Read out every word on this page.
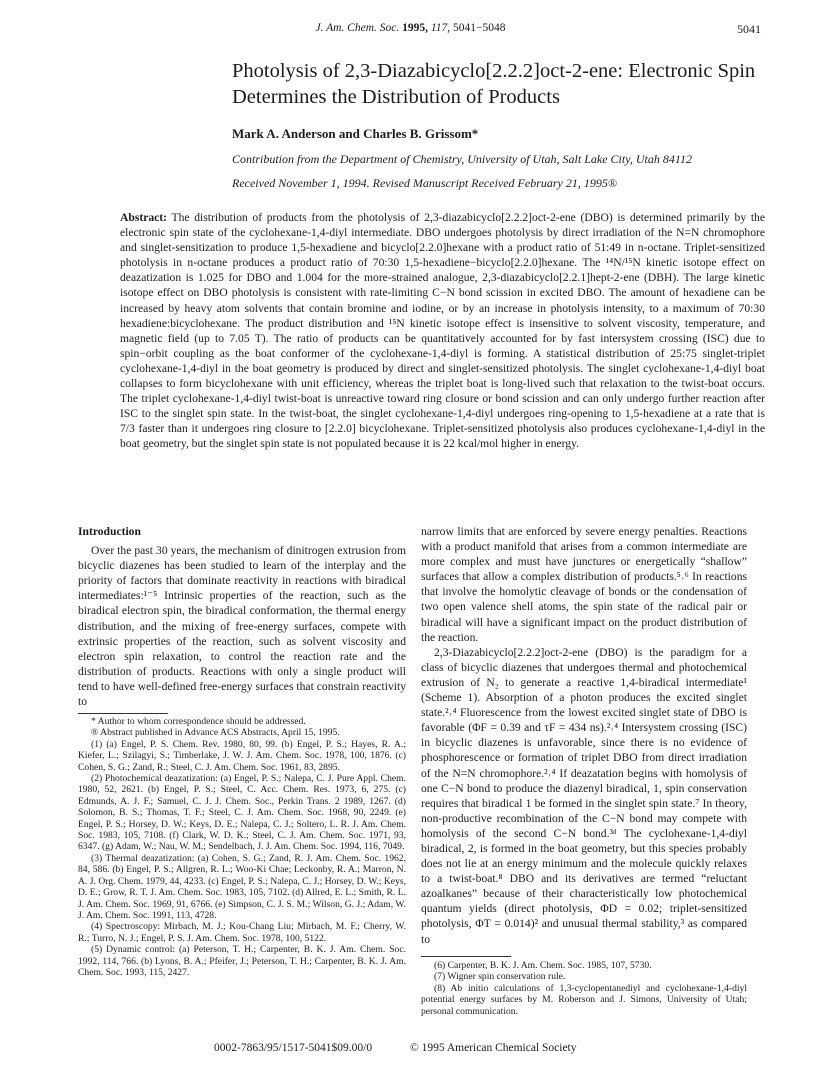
J. Am. Chem. Soc. 1995, 117, 5041−5048	5041
Photolysis of 2,3-Diazabicyclo[2.2.2]oct-2-ene: Electronic Spin Determines the Distribution of Products
Mark A. Anderson and Charles B. Grissom*
Contribution from the Department of Chemistry, University of Utah, Salt Lake City, Utah 84112
Received November 1, 1994. Revised Manuscript Received February 21, 1995®

Abstract: The distribution of products from the photolysis of 2,3-diazabicyclo[2.2.2]oct-2-ene (DBO) is determined primarily by the electronic spin state of the cyclohexane-1,4-diyl intermediate. DBO undergoes photolysis by direct irradiation of the N=N chromophore and singlet-sensitization to produce 1,5-hexadiene and bicyclo[2.2.0]hexane with a product ratio of 51:49 in n-octane. Triplet-sensitized photolysis in n-octane produces a product ratio of 70:30 1,5-hexadiene−bicyclo[2.2.0]hexane. The ¹⁴N/¹⁵N kinetic isotope effect on deazatization is 1.025 for DBO and 1.004 for the more-strained analogue, 2,3-diazabicyclo[2.2.1]hept-2-ene (DBH). The large kinetic isotope effect on DBO photolysis is consistent with rate-limiting C−N bond scission in excited DBO. The amount of hexadiene can be increased by heavy atom solvents that contain bromine and iodine, or by an increase in photolysis intensity, to a maximum of 70:30 hexadiene:bicyclohexane. The product distribution and ¹⁵N kinetic isotope effect is insensitive to solvent viscosity, temperature, and magnetic field (up to 7.05 T). The ratio of products can be quantitatively accounted for by fast intersystem crossing (ISC) due to spin−orbit coupling as the boat conformer of the cyclohexane-1,4-diyl is forming. A statistical distribution of 25:75 singlet-triplet cyclohexane-1,4-diyl in the boat geometry is produced by direct and singlet-sensitized photolysis. The singlet cyclohexane-1,4-diyl boat collapses to form bicyclohexane with unit efficiency, whereas the triplet boat is long-lived such that relaxation to the twist-boat occurs. The triplet cyclohexane-1,4-diyl twist-boat is unreactive toward ring closure or bond scission and can only undergo further reaction after ISC to the singlet spin state. In the twist-boat, the singlet cyclohexane-1,4-diyl undergoes ring-opening to 1,5-hexadiene at a rate that is 7/3 faster than it undergoes ring closure to [2.2.0] bicyclohexane. Triplet-sensitized photolysis also produces cyclohexane-1,4-diyl in the boat geometry, but the singlet spin state is not populated because it is 22 kcal/mol higher in energy.

Introduction

Over the past 30 years, the mechanism of dinitrogen extrusion from bicyclic diazenes has been studied to learn of the interplay and the priority of factors that dominate reactivity in reactions with biradical intermediates:¹⁻⁵ Intrinsic properties of the reaction, such as the biradical electron spin, the biradical conformation, the thermal energy distribution, and the mixing of free-energy surfaces, compete with extrinsic properties of the reaction, such as solvent viscosity and electron spin relaxation, to control the reaction rate and the distribution of products. Reactions with only a single product will tend to have well-defined free-energy surfaces that constrain reactivity to

narrow limits that are enforced by severe energy penalties. Reactions with a product manifold that arises from a common intermediate are more complex and must have junctures or energetically “shallow” surfaces that allow a complex distribution of products.⁵˒⁶ In reactions that involve the homolytic cleavage of bonds or the condensation of two open valence shell atoms, the spin state of the radical pair or biradical will have a significant impact on the product distribution of the reaction.

2,3-Diazabicyclo[2.2.2]oct-2-ene (DBO) is the paradigm for a class of bicyclic diazenes that undergoes thermal and photochemical extrusion of N₂ to generate a reactive 1,4-biradical intermediate¹ (Scheme 1). Absorption of a photon produces the excited singlet state.²˒⁴ Fluorescence from the lowest excited singlet state of DBO is favorable (ΦF = 0.39 and τF = 434 ns).²˒⁴ Intersystem crossing (ISC) in bicyclic diazenes is unfavorable, since there is no evidence of phosphorescence or formation of triplet DBO from direct irradiation of the N=N chromophore.²˒⁴ If deazatation begins with homolysis of one C−N bond to produce the diazenyl biradical, 1, spin conservation requires that biradical 1 be formed in the singlet spin state.⁷ In theory, non-productive recombination of the C−N bond may compete with homolysis of the second C−N bond.³ᵈ The cyclohexane-1,4-diyl biradical, 2, is formed in the boat geometry, but this species probably does not lie at an energy minimum and the molecule quickly relaxes to a twist-boat.⁸ DBO and its derivatives are termed “reluctant azoalkanes” because of their characteristically low photochemical quantum yields (direct photolysis, ΦD = 0.02; triplet-sensitized photolysis, ΦT = 0.014)² and unusual thermal stability,³ as compared to

* Author to whom correspondence should be addressed.

® Abstract published in Advance ACS Abstracts, April 15, 1995.

(1) (a) Engel, P. S. Chem. Rev. 1980, 80, 99. (b) Engel, P. S.; Hayes, R. A.; Kiefer, L.; Szilagyi, S.; Timberlake, J. W. J. Am. Chem. Soc. 1978, 100, 1876. (c) Cohen, S. G.; Zand, R.; Steel, C. J. Am. Chem. Soc. 1961, 83, 2895.

(2) Photochemical deazatization: (a) Engel, P. S.; Nalepa, C. J. Pure Appl. Chem. 1980, 52, 2621. (b) Engel, P. S.; Steel, C. Acc. Chem. Res. 1973, 6, 275. (c) Edmunds, A. J. F.; Samuel, C. J. J. Chem. Soc., Perkin Trans. 2 1989, 1267. (d) Solomon, B. S.; Thomas, T. F.; Steel, C. J. Am. Chem. Soc. 1968, 90, 2249. (e) Engel, P. S.; Horsey, D. W.; Keys, D. E.; Nalepa, C. J.; Soltero, L. R. J. Am. Chem. Soc. 1983, 105, 7108. (f) Clark, W. D. K.; Steel, C. J. Am. Chem. Soc. 1971, 93, 6347. (g) Adam, W.; Nau, W. M.; Sendelbach, J. J. Am. Chem. Soc. 1994, 116, 7049.

(3) Thermal deazatization: (a) Cohen, S. G.; Zand, R. J. Am. Chem. Soc. 1962, 84, 586. (b) Engel, P. S.; Allgren, R. L.; Woo-Ki Chae; Leckonby, R. A.; Marron, N. A. J. Org. Chem. 1979, 44, 4233. (c) Engel, P. S.; Nalepa, C. J.; Horsey, D. W.; Keys, D. E.; Grow, R. T. J. Am. Chem. Soc. 1983, 105, 7102. (d) Allred, E. L.; Smith, R. L. J. Am. Chem. Soc. 1969, 91, 6766. (e) Simpson, C. J. S. M.; Wilson, G. J.; Adam, W. J. Am. Chem. Soc. 1991, 113, 4728.

(4) Spectroscopy: Mirbach, M. J.; Kou-Chang Liu; Mirbach, M. F.; Cherry, W. R.; Turro, N. J.; Engel, P. S. J. Am. Chem. Soc. 1978, 100, 5122.

(5) Dynamic control: (a) Peterson, T. H.; Carpenter, B. K. J. Am. Chem. Soc. 1992, 114, 766. (b) Lyons, B. A.; Pfeifer, J.; Peterson, T. H.; Carpenter, B. K. J. Am. Chem. Soc. 1993, 115, 2427.

(6) Carpenter, B. K. J. Am. Chem. Soc. 1985, 107, 5730.

(7) Wigner spin conservation rule.

(8) Ab initio calculations of 1,3-cyclopentanediyl and cyclohexane-1,4-diyl potential energy surfaces by M. Roberson and J. Simons, University of Utah; personal communication.

0002-7863/95/1517-5041$09.00/0	© 1995 American Chemical Society
